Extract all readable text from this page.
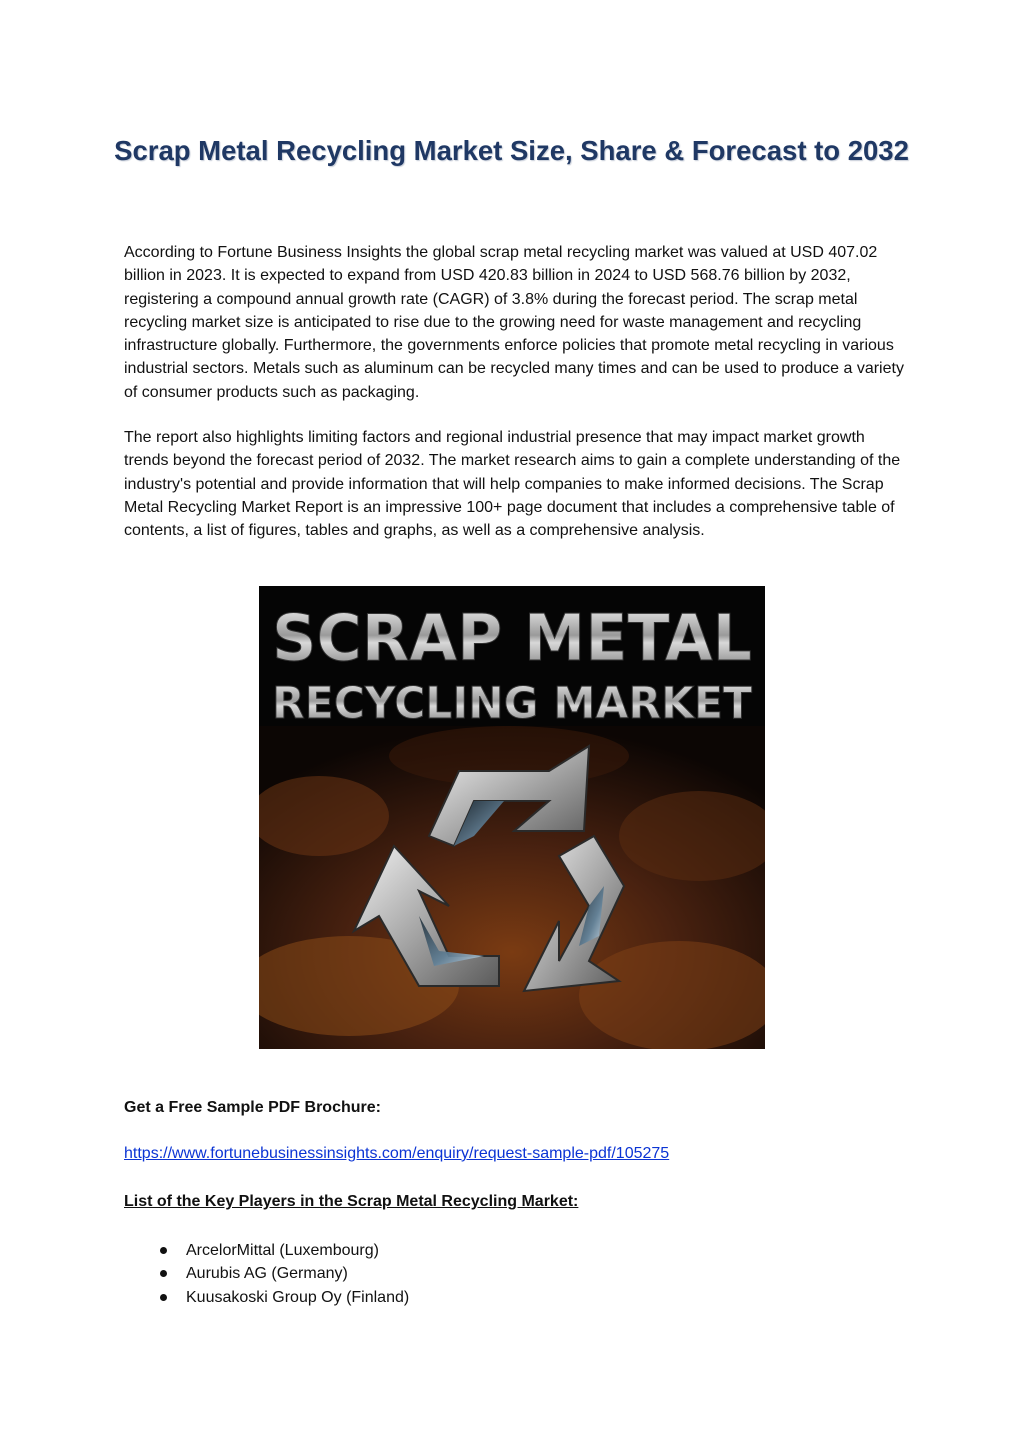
Scrap Metal Recycling Market Size, Share & Forecast to 2032

According to Fortune Business Insights the global scrap metal recycling market was valued at USD 407.02 billion in 2023. It is expected to expand from USD 420.83 billion in 2024 to USD 568.76 billion by 2032, registering a compound annual growth rate (CAGR) of 3.8% during the forecast period. The scrap metal recycling market size is anticipated to rise due to the growing need for waste management and recycling infrastructure globally. Furthermore, the governments enforce policies that promote metal recycling in various industrial sectors. Metals such as aluminum can be recycled many times and can be used to produce a variety of consumer products such as packaging.

The report also highlights limiting factors and regional industrial presence that may impact market growth trends beyond the forecast period of 2032. The market research aims to gain a complete understanding of the industry's potential and provide information that will help companies to make informed decisions. The Scrap Metal Recycling Market Report is an impressive 100+ page document that includes a comprehensive table of contents, a list of figures, tables and graphs, as well as a comprehensive analysis.

SCRAP METAL
RECYCLING MARKET

Get a Free Sample PDF Brochure:

https://www.fortunebusinessinsights.com/enquiry/request-sample-pdf/105275

List of the Key Players in the Scrap Metal Recycling Market:

ArcelorMittal (Luxembourg)
Aurubis AG (Germany)
Kuusakoski Group Oy (Finland)
